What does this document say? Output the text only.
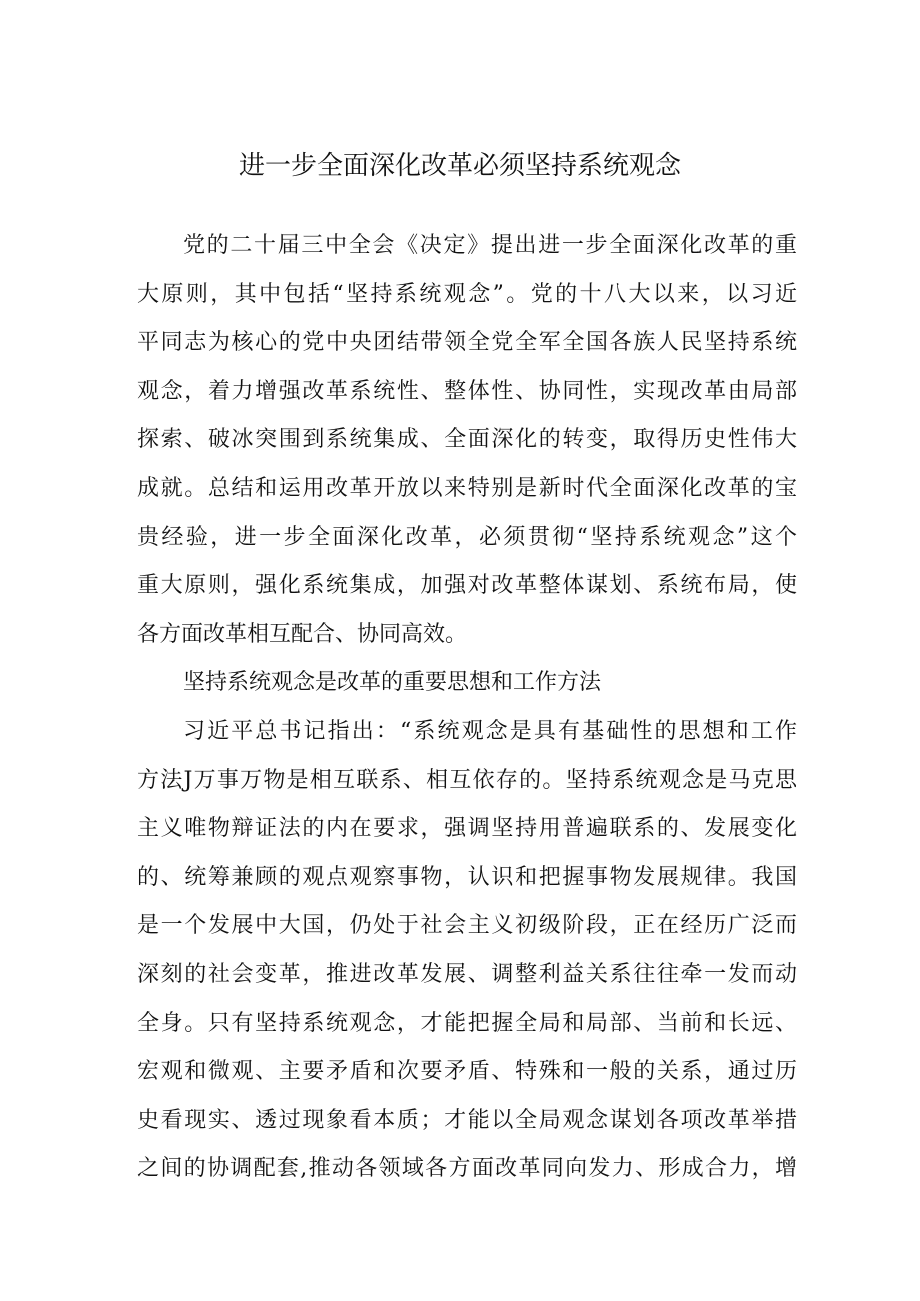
进一步全面深化改革必须坚持系统观念
党的二十届三中全会《决定》提出进一步全面深化改革的重
大原则，其中包括“坚持系统观念”。党的十八大以来，以习近
平同志为核心的党中央团结带领全党全军全国各族人民坚持系统
观念，着力增强改革系统性、整体性、协同性，实现改革由局部
探索、破冰突围到系统集成、全面深化的转变，取得历史性伟大
成就。总结和运用改革开放以来特别是新时代全面深化改革的宝
贵经验，进一步全面深化改革，必须贯彻“坚持系统观念”这个
重大原则，强化系统集成，加强对改革整体谋划、系统布局，使
各方面改革相互配合、协同高效。
坚持系统观念是改革的重要思想和工作方法
习近平总书记指出：“系统观念是具有基础性的思想和工作
方法J万事万物是相互联系、相互依存的。坚持系统观念是马克思
主义唯物辩证法的内在要求，强调坚持用普遍联系的、发展变化
的、统筹兼顾的观点观察事物，认识和把握事物发展规律。我国
是一个发展中大国，仍处于社会主义初级阶段，正在经历广泛而
深刻的社会变革，推进改革发展、调整利益关系往往牵一发而动
全身。只有坚持系统观念，才能把握全局和局部、当前和长远、
宏观和微观、主要矛盾和次要矛盾、特殊和一般的关系，通过历
史看现实、透过现象看本质；才能以全局观念谋划各项改革举措
之间的协调配套,推动各领域各方面改革同向发力、形成合力，增
